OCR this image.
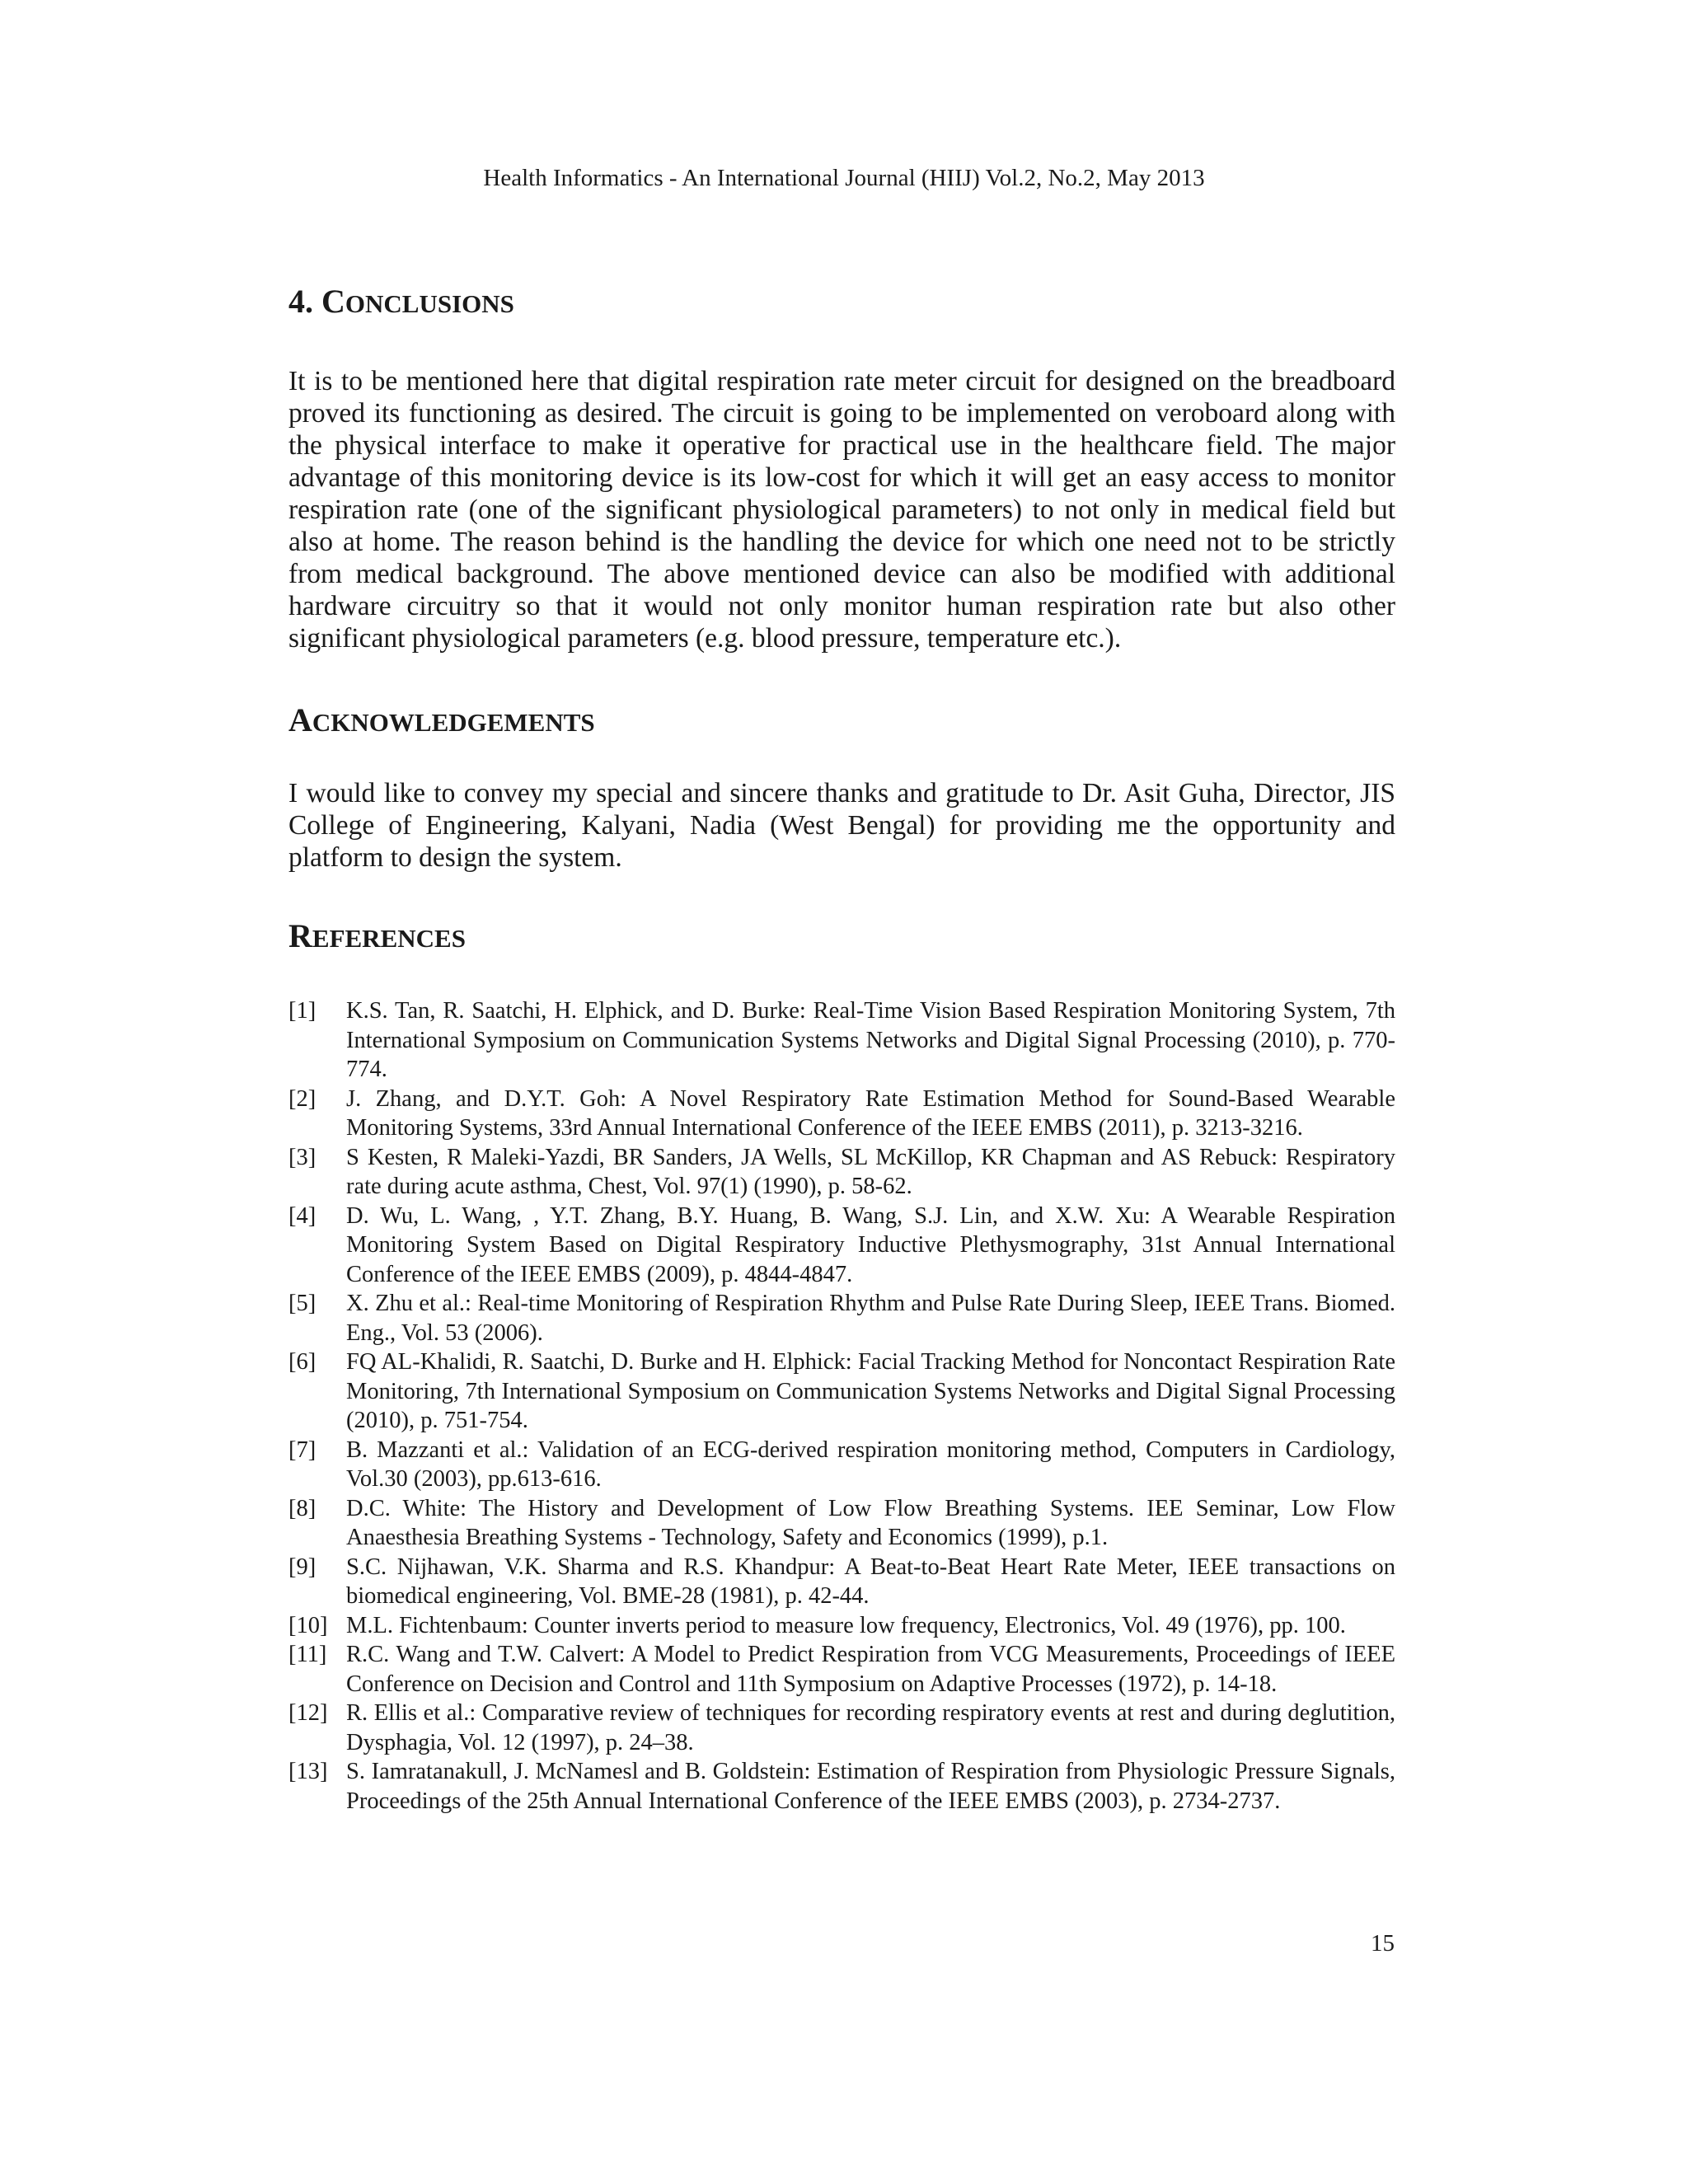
Health Informatics - An International Journal (HIIJ) Vol.2, No.2, May 2013
4. CONCLUSIONS

It is to be mentioned here that digital respiration rate meter circuit for designed on the breadboard proved its functioning as desired. The circuit is going to be implemented on veroboard along with the physical interface to make it operative for practical use in the healthcare field. The major advantage of this monitoring device is its low-cost for which it will get an easy access to monitor respiration rate (one of the significant physiological parameters) to not only in medical field but also at home. The reason behind is the handling the device for which one need not to be strictly from medical background. The above mentioned device can also be modified with additional hardware circuitry so that it would not only monitor human respiration rate but also other significant physiological parameters (e.g. blood pressure, temperature etc.).

ACKNOWLEDGEMENTS

I would like to convey my special and sincere thanks and gratitude to Dr. Asit Guha, Director, JIS College of Engineering, Kalyani, Nadia (West Bengal) for providing me the opportunity and platform to design the system.

REFERENCES
[1] K.S. Tan, R. Saatchi, H. Elphick, and D. Burke: Real-Time Vision Based Respiration Monitoring System, 7th International Symposium on Communication Systems Networks and Digital Signal Processing (2010), p. 770-774.
[2] J. Zhang, and D.Y.T. Goh: A Novel Respiratory Rate Estimation Method for Sound-Based Wearable Monitoring Systems, 33rd Annual International Conference of the IEEE EMBS (2011), p. 3213-3216.
[3] S Kesten, R Maleki-Yazdi, BR Sanders, JA Wells, SL McKillop, KR Chapman and AS Rebuck: Respiratory rate during acute asthma, Chest, Vol. 97(1) (1990), p. 58-62.
[4] D. Wu, L. Wang, , Y.T. Zhang, B.Y. Huang, B. Wang, S.J. Lin, and X.W. Xu: A Wearable Respiration Monitoring System Based on Digital Respiratory Inductive Plethysmography, 31st Annual International Conference of the IEEE EMBS (2009), p. 4844-4847.
[5] X. Zhu et al.: Real-time Monitoring of Respiration Rhythm and Pulse Rate During Sleep, IEEE Trans. Biomed. Eng., Vol. 53 (2006).
[6] FQ AL-Khalidi, R. Saatchi, D. Burke and H. Elphick: Facial Tracking Method for Noncontact Respiration Rate Monitoring, 7th International Symposium on Communication Systems Networks and Digital Signal Processing (2010), p. 751-754.
[7] B. Mazzanti et al.: Validation of an ECG-derived respiration monitoring method, Computers in Cardiology, Vol.30 (2003), pp.613-616.
[8] D.C. White: The History and Development of Low Flow Breathing Systems. IEE Seminar, Low Flow Anaesthesia Breathing Systems - Technology, Safety and Economics (1999), p.1.
[9] S.C. Nijhawan, V.K. Sharma and R.S. Khandpur: A Beat-to-Beat Heart Rate Meter, IEEE transactions on biomedical engineering, Vol. BME-28 (1981), p. 42-44.
[10] M.L. Fichtenbaum: Counter inverts period to measure low frequency, Electronics, Vol. 49 (1976), pp. 100.
[11] R.C. Wang and T.W. Calvert: A Model to Predict Respiration from VCG Measurements, Proceedings of IEEE Conference on Decision and Control and 11th Symposium on Adaptive Processes (1972), p. 14-18.
[12] R. Ellis et al.: Comparative review of techniques for recording respiratory events at rest and during deglutition, Dysphagia, Vol. 12 (1997), p. 24–38.
[13] S. Iamratanakull, J. McNamesl and B. Goldstein: Estimation of Respiration from Physiologic Pressure Signals, Proceedings of the 25th Annual International Conference of the IEEE EMBS (2003), p. 2734-2737.
15
